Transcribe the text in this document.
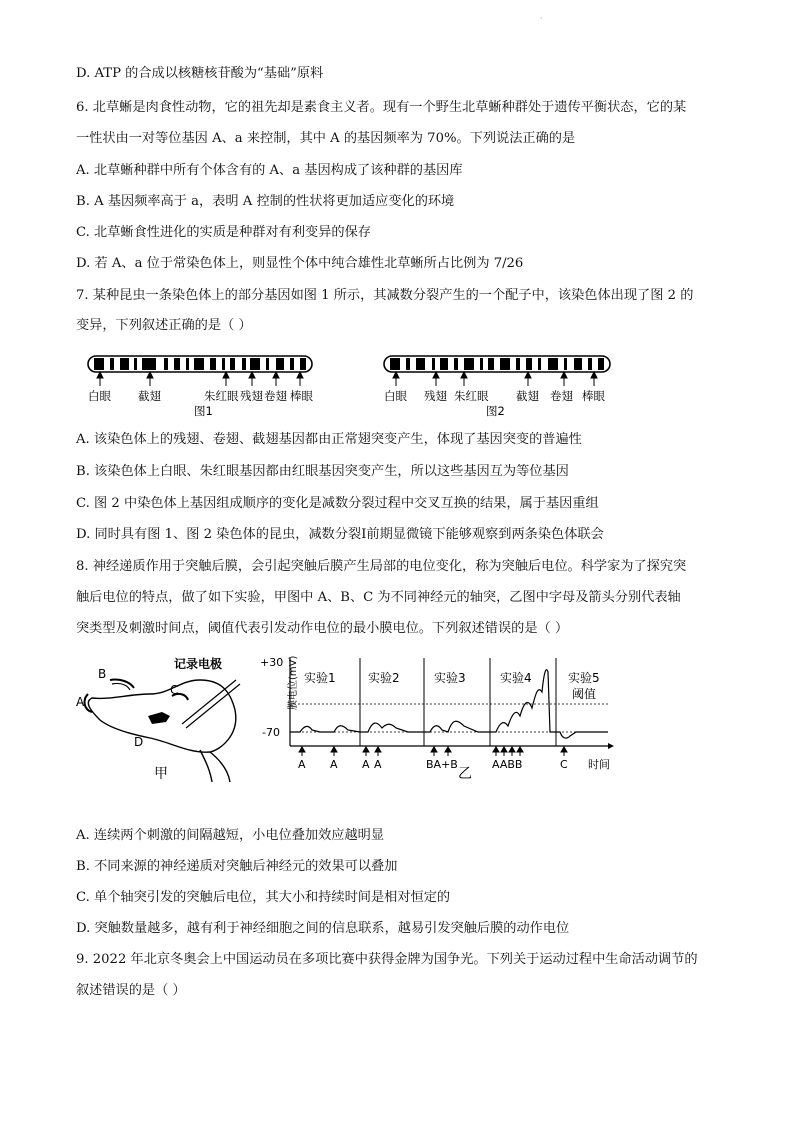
·
D. ATP 的合成以核糖核苷酸为“基础”原料
6. 北草蜥是肉食性动物，它的祖先却是素食主义者。现有一个野生北草蜥种群处于遗传平衡状态，它的某
一性状由一对等位基因 A、a 来控制，其中 A 的基因频率为 70%。下列说法正确的是
A. 北草蜥种群中所有个体含有的 A、a 基因构成了该种群的基因库
B. A 基因频率高于 a，表明 A 控制的性状将更加适应变化的环境
C. 北草蜥食性进化的实质是种群对有利变异的保存
D. 若 A、a 位于常染色体上，则显性个体中纯合雄性北草蜥所占比例为 7/26
7. 某种昆虫一条染色体上的部分基因如图 1 所示，其减数分裂产生的一个配子中，该染色体出现了图 2 的
变异，下列叙述正确的是（ ）
白眼 截翅	朱红眼 残翅 卷翅 棒眼
图1
白眼 残翅 朱红眼 截翅 卷翅 棒眼
图2
A. 该染色体上的残翅、卷翅、截翅基因都由正常翅突变产生，体现了基因突变的普遍性
B. 该染色体上白眼、朱红眼基因都由红眼基因突变产生，所以这些基因互为等位基因
C. 图 2 中染色体上基因组成顺序的变化是减数分裂过程中交叉互换的结果，属于基因重组
D. 同时具有图 1、图 2 染色体的昆虫，减数分裂Ⅰ前期显微镜下能够观察到两条染色体联会
8. 神经递质作用于突触后膜，会引起突触后膜产生局部的电位变化，称为突触后电位。科学家为了探究突
触后电位的特点，做了如下实验，甲图中 A、B、C 为不同神经元的轴突，乙图中字母及箭头分别代表轴
突类型及刺激时间点，阈值代表引发动作电位的最小膜电位。下列叙述错误的是（ ）
记录电极
B
A
C
D
甲
+30
-70
膜电位(mV) 实验1	实验2	实验3	实验4	实验5
阈值
A A A A	BA+B	AABB	C 时间
乙
A. 连续两个刺激的间隔越短，小电位叠加效应越明显
B. 不同来源的神经递质对突触后神经元的效果可以叠加
C. 单个轴突引发的突触后电位，其大小和持续时间是相对恒定的
D. 突触数量越多，越有利于神经细胞之间的信息联系，越易引发突触后膜的动作电位
9. 2022 年北京冬奥会上中国运动员在多项比赛中获得金牌为国争光。下列关于运动过程中生命活动调节的
叙述错误的是（ ）
